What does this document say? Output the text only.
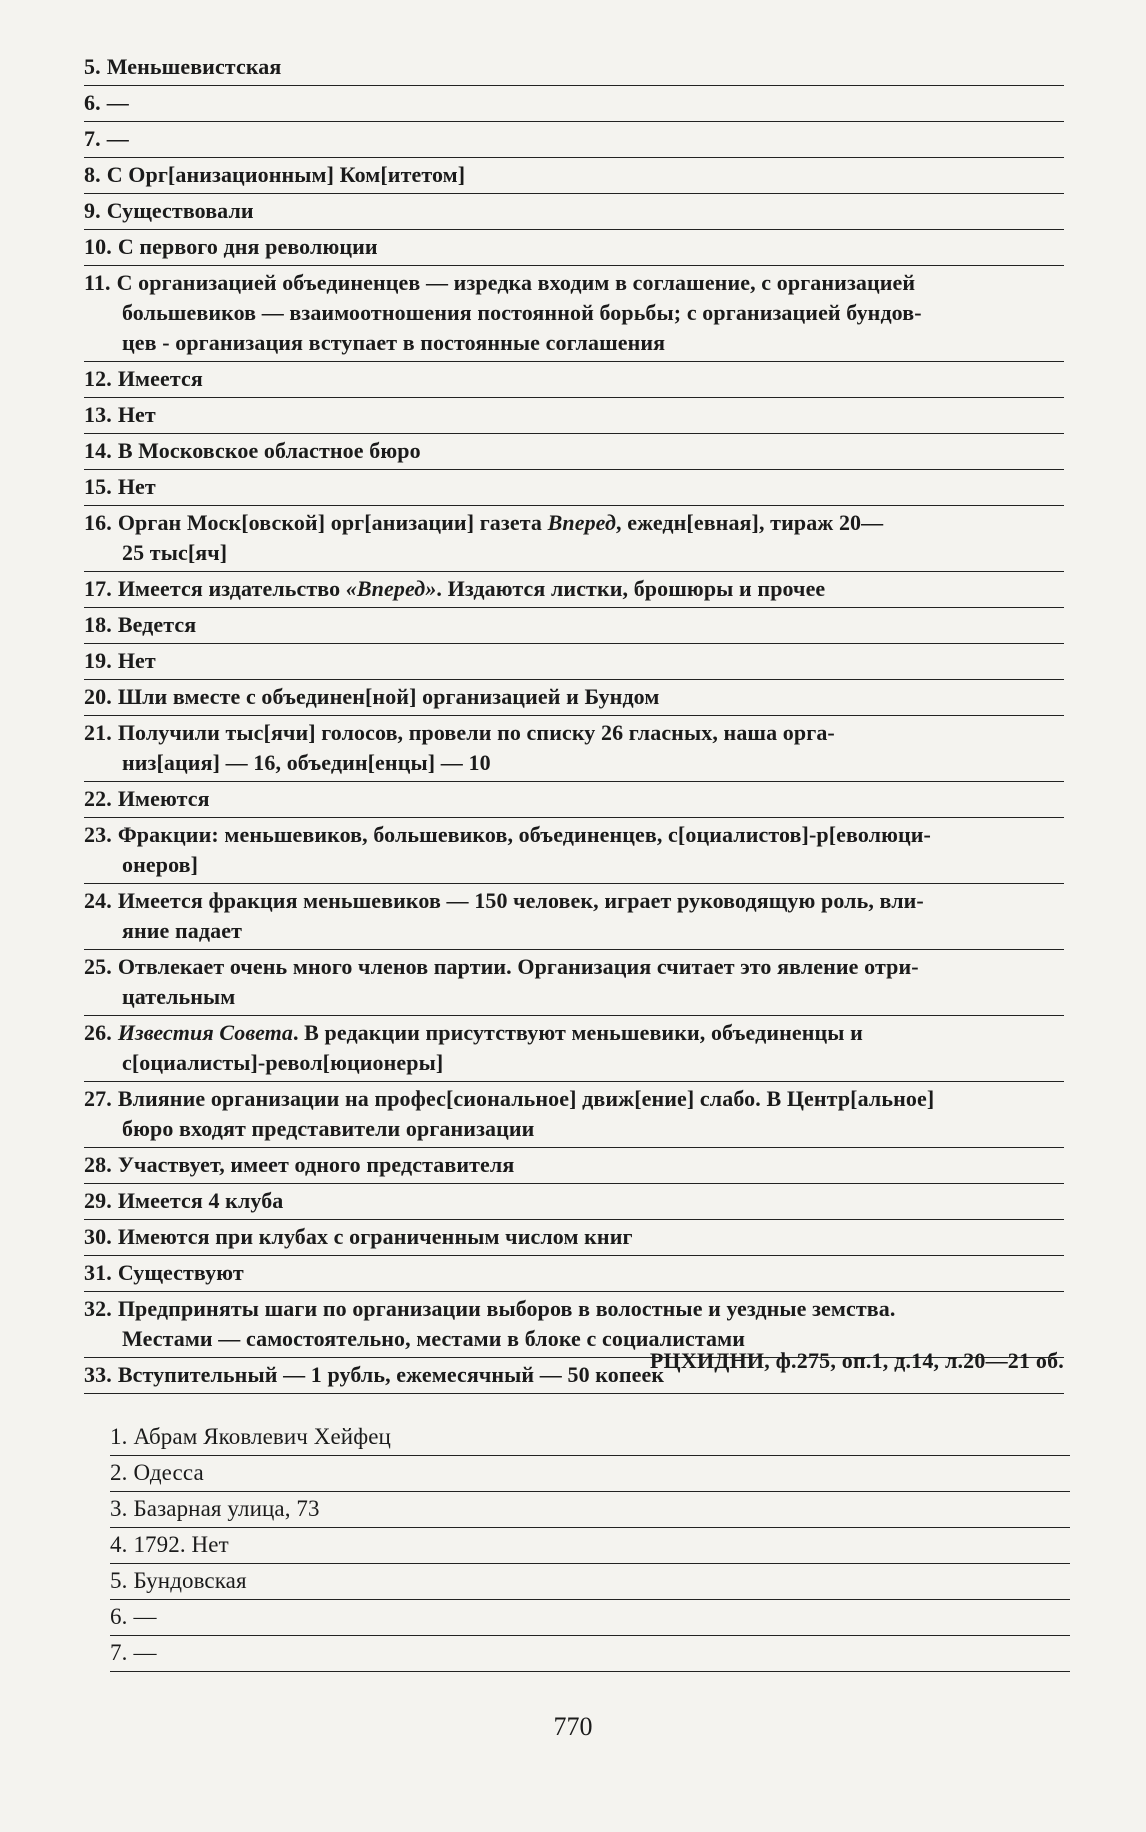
5. Меньшевистская
6. —
7. —
8. С Орг[анизационным] Ком[итетом]
9. Существовали
10. С первого дня революции
11. С организацией объединенцев — изредка входим в соглашение, с организацией
большевиков — взаимоотношения постоянной борьбы; с организацией бундов-
цев - организация вступает в постоянные соглашения
12. Имеется
13. Нет
14. В Московское областное бюро
15. Нет
16. Орган Моск[овской] орг[анизации] газета Вперед, ежедн[евная], тираж 20—
25 тыс[яч]
17. Имеется издательство «Вперед». Издаются листки, брошюры и прочее
18. Ведется
19. Нет
20. Шли вместе с объединен[ной] организацией и Бундом
21. Получили тыс[ячи] голосов, провели по списку 26 гласных, наша орга-
низ[ация] — 16, объедин[енцы] — 10
22. Имеются
23. Фракции: меньшевиков, большевиков, объединенцев, с[оциалистов]-р[еволюци-
онеров]
24. Имеется фракция меньшевиков — 150 человек, играет руководящую роль, вли-
яние падает
25. Отвлекает очень много членов партии. Организация считает это явление отри-
цательным
26. Известия Совета. В редакции присутствуют меньшевики, объединенцы и
с[оциалисты]-револ[юционеры]
27. Влияние организации на профес[сиональное] движ[ение] слабо. В Центр[альное]
бюро входят представители организации
28. Участвует, имеет одного представителя
29. Имеется 4 клуба
30. Имеются при клубах с ограниченным числом книг
31. Существуют
32. Предприняты шаги по организации выборов в волостные и уездные земства.
Местами — самостоятельно, местами в блоке с социалистами
33. Вступительный — 1 рубль, ежемесячный — 50 копеек
РЦХИДНИ, ф.275, оп.1, д.14, л.20—21 об.
1. Абрам Яковлевич Хейфец
2. Одесса
3. Базарная улица, 73
4. 1792. Нет
5. Бундовская
6. —
7. —
770
